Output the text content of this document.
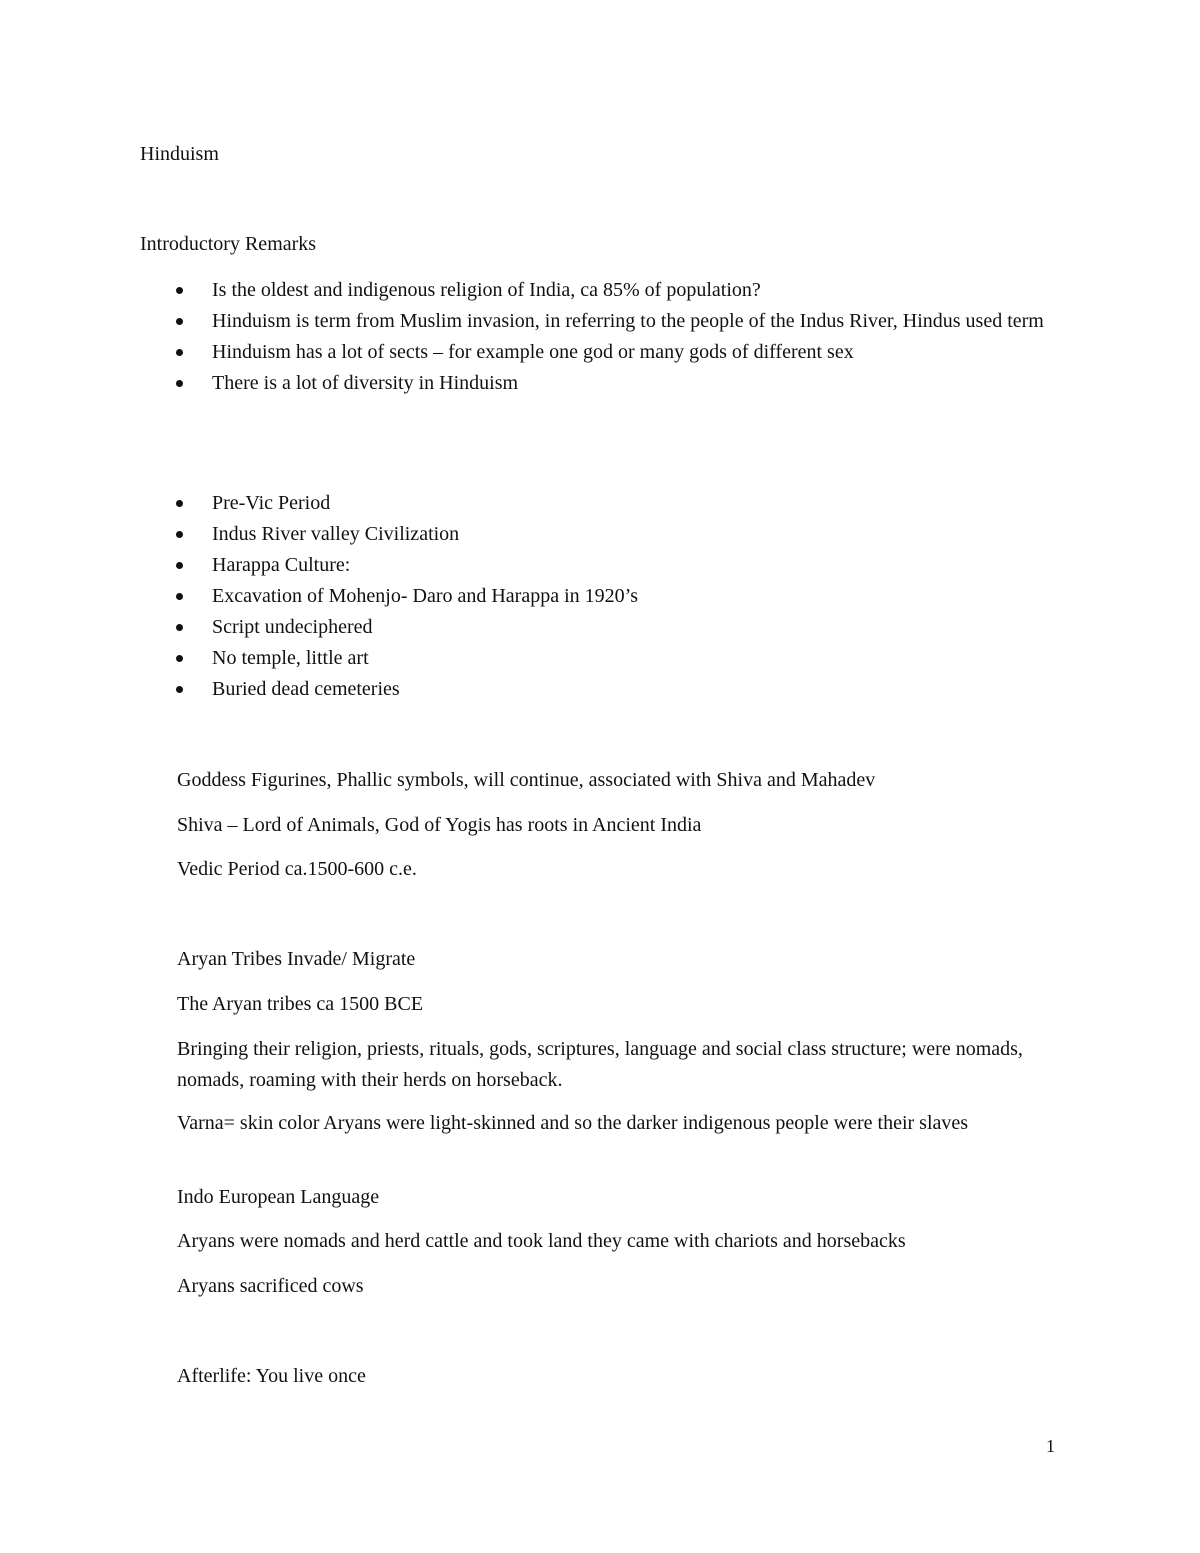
Hinduism
Introductory Remarks
Is the oldest and indigenous religion of India, ca 85% of population?
Hinduism is term from Muslim invasion, in referring to the people of the Indus River, Hindus used term
Hinduism has a lot of sects – for example one god or many gods of different sex
There is a lot of diversity in Hinduism
Pre-Vic Period
Indus River valley Civilization
Harappa Culture:
Excavation of Mohenjo- Daro and Harappa in 1920’s
Script undeciphered
No temple, little art
Buried dead cemeteries

Goddess Figurines, Phallic symbols, will continue, associated with Shiva and Mahadev

Shiva – Lord of Animals, God of Yogis has roots in Ancient India

Vedic Period ca.1500-600 c.e.

Aryan Tribes Invade/ Migrate

The Aryan tribes ca 1500 BCE

Bringing their religion, priests, rituals, gods, scriptures, language and social class structure; were nomads, nomads, roaming with their herds on horseback.

Varna= skin color Aryans were light-skinned and so the darker indigenous people were their slaves

Indo European Language

Aryans were nomads and herd cattle and took land they came with chariots and horsebacks

Aryans sacrificed cows

Afterlife: You live once

1
